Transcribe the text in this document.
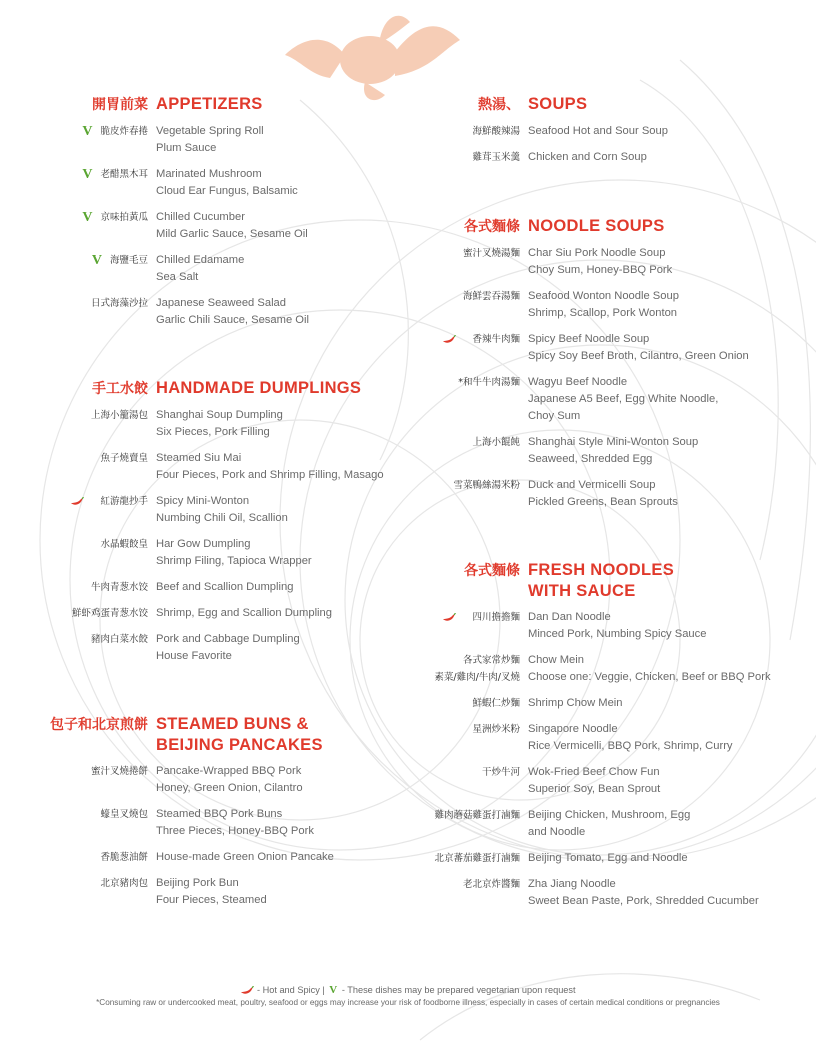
開胃前菜 APPETIZERS
V 脆皮炸春捲 Vegetable Spring Roll
Plum Sauce
V 老醋黑木耳 Marinated Mushroom
Cloud Ear Fungus, Balsamic
V 京味拍黃瓜 Chilled Cucumber
Mild Garlic Sauce, Sesame Oil
V 海鹽毛豆 Chilled Edamame
Sea Salt
日式海藻沙拉 Japanese Seaweed Salad
Garlic Chili Sauce, Sesame Oil
手工水餃 HANDMADE DUMPLINGS
上海小籠湯包 Shanghai Soup Dumpling
Six Pieces, Pork Filling
魚子燒賣皇 Steamed Siu Mai
Four Pieces, Pork and Shrimp Filling, Masago
紅游龍抄手 Spicy Mini-Wonton
Numbing Chili Oil, Scallion
水晶蝦餃皇 Har Gow Dumpling
Shrimp Filing, Tapioca Wrapper
牛肉青葱水饺 Beef and Scallion Dumpling
鮮虾鸡蛋青葱水饺 Shrimp, Egg and Scallion Dumpling
豬肉白菜水餃 Pork and Cabbage Dumpling
House Favorite
包子和北京煎餅 STEAMED BUNS &
BEIJING PANCAKES
蜜汁叉燒捲餅 Pancake-Wrapped BBQ Pork
Honey, Green Onion, Cilantro
蠔皇叉燒包 Steamed BBQ Pork Buns
Three Pieces, Honey-BBQ Pork
香脆葱油餅 House-made Green Onion Pancake
北京豬肉包 Beijing Pork Bun
Four Pieces, Steamed
熱湯、 SOUPS
海鮮酸辣湯 Seafood Hot and Sour Soup
雞茸玉米羹 Chicken and Corn Soup
各式麵條 NOODLE SOUPS
蜜汁叉燒湯麵 Char Siu Pork Noodle Soup
Choy Sum, Honey-BBQ Pork
海鮮雲吞湯麵 Seafood Wonton Noodle Soup
Shrimp, Scallop, Pork Wonton
香辣牛肉麵 Spicy Beef Noodle Soup
Spicy Soy Beef Broth, Cilantro, Green Onion
*和牛牛肉湯麵 Wagyu Beef Noodle
Japanese A5 Beef, Egg White Noodle,
Choy Sum
上海小餛飩 Shanghai Style Mini-Wonton Soup
Seaweed, Shredded Egg
雪菜鴨絲湯米粉 Duck and Vermicelli Soup
Pickled Greens, Bean Sprouts
各式麵條 FRESH NOODLES
WITH SAUCE
四川擔擔麵 Dan Dan Noodle
Minced Pork, Numbing Spicy Sauce
各式家常炒麵
素菜/雞肉/牛肉/叉燒
Chow Mein
Choose one: Veggie, Chicken, Beef or BBQ Pork
鮮蝦仁炒麵 Shrimp Chow Mein
星洲炒米粉 Singapore Noodle
Rice Vermicelli, BBQ Pork, Shrimp, Curry
干炒牛河 Wok-Fried Beef Chow Fun
Superior Soy, Bean Sprout
雞肉蘑菇雞蛋打滷麵 Beijing Chicken, Mushroom, Egg
and Noodle
北京蕃茄雞蛋打滷麵 Beijing Tomato, Egg and Noodle
老北京炸醬麵 Zha Jiang Noodle
Sweet Bean Paste, Pork, Shredded Cucumber
- Hot and Spicy | V - These dishes may be prepared vegetarian upon request
*Consuming raw or undercooked meat, poultry, seafood or eggs may increase your risk of foodborne illness, especially in cases of certain medical conditions or pregnancies
